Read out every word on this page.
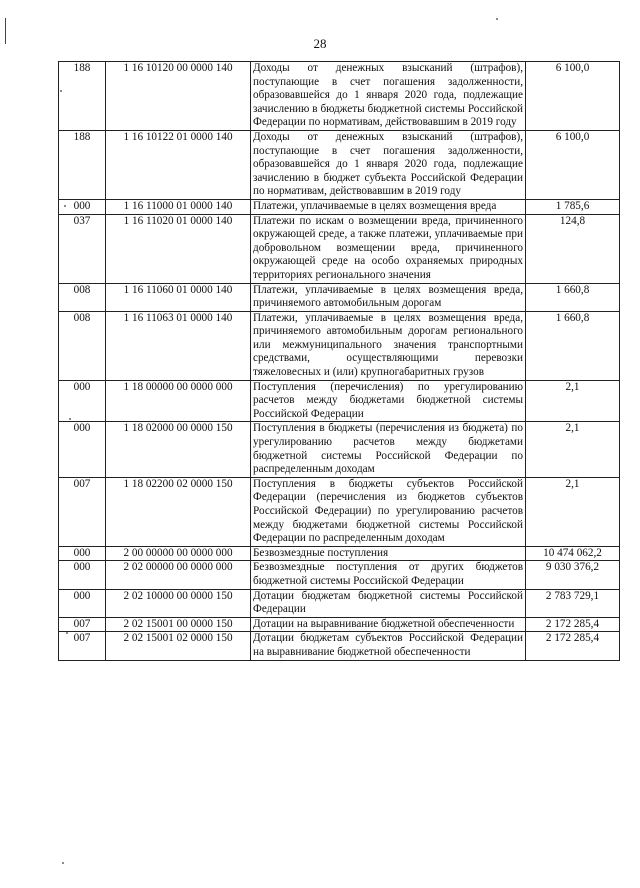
28
188	1 16 10120 00 0000 140	Доходы от денежных взысканий (штрафов), поступающие в счет погашения задолженности, образовавшейся до 1 января 2020 года, подлежащие зачислению в бюджеты бюджетной системы Российской Федерации по нормативам, действовавшим в 2019 году	6 100,0
188	1 16 10122 01 0000 140	Доходы от денежных взысканий (штрафов), поступающие в счет погашения задолженности, образовавшейся до 1 января 2020 года, подлежащие зачислению в бюджет субъекта Российской Федерации по нормативам, действовавшим в 2019 году	6 100,0
000	1 16 11000 01 0000 140	Платежи, уплачиваемые в целях возмещения вреда	1 785,6
037	1 16 11020 01 0000 140	Платежи по искам о возмещении вреда, причиненного окружающей среде, а также платежи, уплачиваемые при добровольном возмещении вреда, причиненного окружающей среде на особо охраняемых природных территориях регионального значения	124,8
008	1 16 11060 01 0000 140	Платежи, уплачиваемые в целях возмещения вреда, причиняемого автомобильным дорогам	1 660,8
008	1 16 11063 01 0000 140	Платежи, уплачиваемые в целях возмещения вреда, причиняемого автомобильным дорогам регионального или межмуниципального значения транспортными средствами, осуществляющими перевозки тяжеловесных и (или) крупногабаритных грузов	1 660,8
000	1 18 00000 00 0000 000	Поступления (перечисления) по урегулированию расчетов между бюджетами бюджетной системы Российской Федерации	2,1
000	1 18 02000 00 0000 150	Поступления в бюджеты (перечисления из бюджета) по урегулированию расчетов между бюджетами бюджетной системы Российской Федерации по распределенным доходам	2,1
007	1 18 02200 02 0000 150	Поступления в бюджеты субъектов Российской Федерации (перечисления из бюджетов субъектов Российской Федерации) по урегулированию расчетов между бюджетами бюджетной системы Российской Федерации по распределенным доходам	2,1
000	2 00 00000 00 0000 000	Безвозмездные поступления	10 474 062,2
000	2 02 00000 00 0000 000	Безвозмездные поступления от других бюджетов бюджетной системы Российской Федерации	9 030 376,2
000	2 02 10000 00 0000 150	Дотации бюджетам бюджетной системы Российской Федерации	2 783 729,1
007	2 02 15001 00 0000 150	Дотации на выравнивание бюджетной обеспеченности	2 172 285,4
007	2 02 15001 02 0000 150	Дотации бюджетам субъектов Российской Федерации на выравнивание бюджетной обеспеченности	2 172 285,4
